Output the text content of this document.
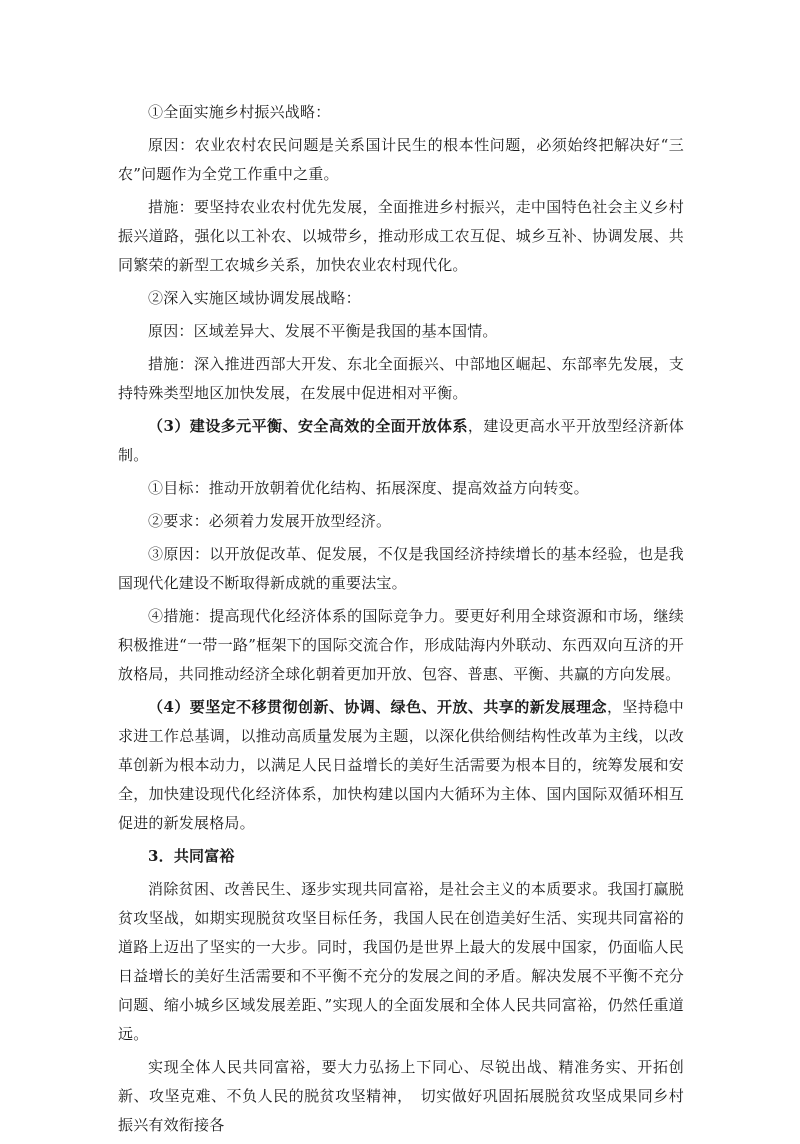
①全面实施乡村振兴战略：

原因：农业农村农民问题是关系国计民生的根本性问题，必须始终把解决好“三农”问题作为全党工作重中之重。

措施：要坚持农业农村优先发展，全面推进乡村振兴，走中国特色社会主义乡村振兴道路，强化以工补农、以城带乡，推动形成工农互促、城乡互补、协调发展、共同繁荣的新型工农城乡关系，加快农业农村现代化。

②深入实施区域协调发展战略：

原因：区域差异大、发展不平衡是我国的基本国情。

措施：深入推进西部大开发、东北全面振兴、中部地区崛起、东部率先发展，支持特殊类型地区加快发展，在发展中促进相对平衡。

（3）建设多元平衡、安全高效的全面开放体系，建设更高水平开放型经济新体制。

①目标：推动开放朝着优化结构、拓展深度、提高效益方向转变。

②要求：必须着力发展开放型经济。

③原因：以开放促改革、促发展，不仅是我国经济持续增长的基本经验，也是我国现代化建设不断取得新成就的重要法宝。

④措施：提高现代化经济体系的国际竞争力。要更好利用全球资源和市场，继续积极推进“一带一路”框架下的国际交流合作，形成陆海内外联动、东西双向互济的开放格局，共同推动经济全球化朝着更加开放、包容、普惠、平衡、共赢的方向发展。

（4）要坚定不移贯彻创新、协调、绿色、开放、共享的新发展理念，坚持稳中求进工作总基调，以推动高质量发展为主题，以深化供给侧结构性改革为主线，以改革创新为根本动力，以满足人民日益增长的美好生活需要为根本目的，统筹发展和安全，加快建设现代化经济体系，加快构建以国内大循环为主体、国内国际双循环相互促进的新发展格局。

3．共同富裕

消除贫困、改善民生、逐步实现共同富裕，是社会主义的本质要求。我国打赢脱贫攻坚战，如期实现脱贫攻坚目标任务，我国人民在创造美好生活、实现共同富裕的道路上迈出了坚实的一大步。同时，我国仍是世界上最大的发展中国家，仍面临人民日益增长的美好生活需要和不平衡不充分的发展之间的矛盾。解决发展不平衡不充分问题、缩小城乡区域发展差距、”实现人的全面发展和全体人民共同富裕，仍然任重道远。

实现全体人民共同富裕，要大力弘扬上下同心、尽锐出战、精准务实、开拓创新、攻坚克难、不负人民的脱贫攻坚精神，　切实做好巩固拓展脱贫攻坚成果同乡村振兴有效衔接各
